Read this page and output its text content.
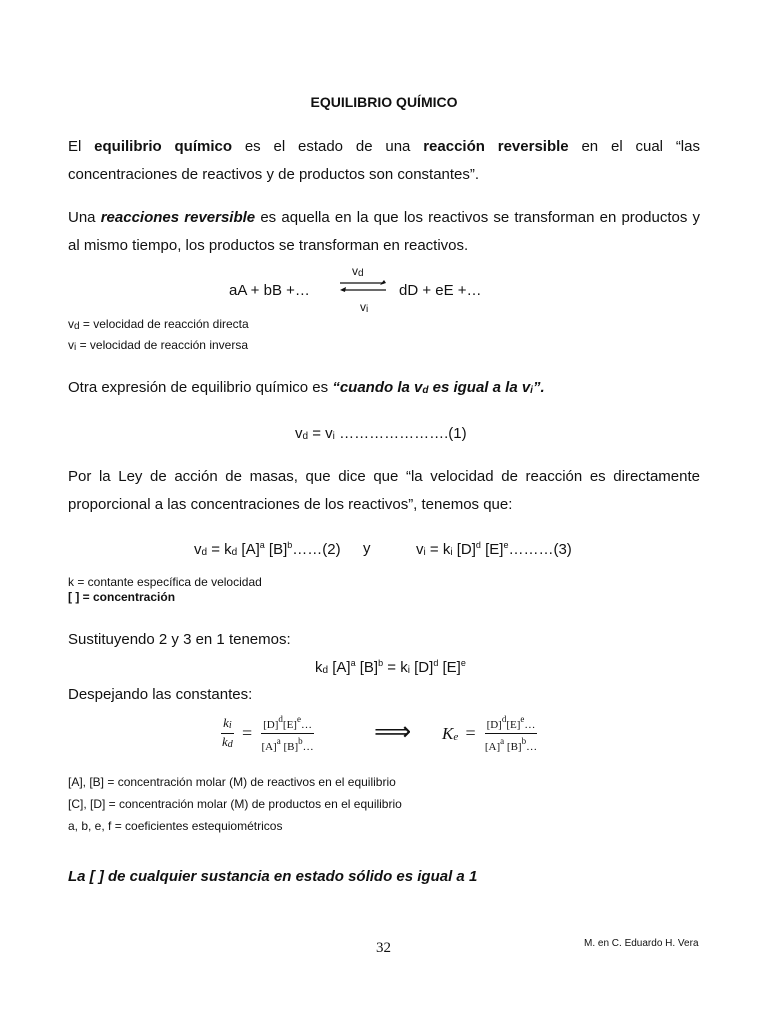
EQUILIBRIO QUÍMICO
El equilibrio químico es el estado de una reacción reversible en el cual “las concentraciones de reactivos y de productos son constantes”.
Una reacciones reversible es aquella en la que los reactivos se transforman en productos y al mismo tiempo, los productos se transforman en reactivos.
aA + bB +…
$v_d$
⇌ dD + eE +…
$v_i$
$v_d$ = velocidad de reacción directa
$v_i$ = velocidad de reacción inversa
Otra expresión de equilibrio químico es “cuando la $v_d$ es igual a la $v_i$”.
$v_d = v_i$ ………………….(1)
Por la Ley de acción de masas, que dice que “la velocidad de reacción es directamente proporcional a las concentraciones de los reactivos”, tenemos que:
$v_d = k_d$ $[A]^a$ $[B]^b\dots\dots(2)$ y	$v_i = k_i$ $[D]^d$ $[E]^e\dots\dots\dots(3)$
k = contante específica de velocidad
[ ] = concentración
Sustituyendo 2 y 3 en 1 tenemos:
$k_d$ $[A]^a$ $[B]^b = k_i$ $[D]^d$ $[E]^e$
Despejando las constantes:
$\frac{k_i}{k_d} = \frac{[D]^d[E]^e\dots}{[A]^a [B]^b\dots}$ ⟹ $K_e = \frac{[D]^d[E]^e\dots}{[A]^a [B]^b\dots}$
[A], [B] = concentración molar (M) de reactivos en el equilibrio
[C], [D] = concentración molar (M) de productos en el equilibrio
a, b, e, f = coeficientes estequiométricos
La [ ] de cualquier sustancia en estado sólido es igual a 1
32	M. en C. Eduardo H. Vera
